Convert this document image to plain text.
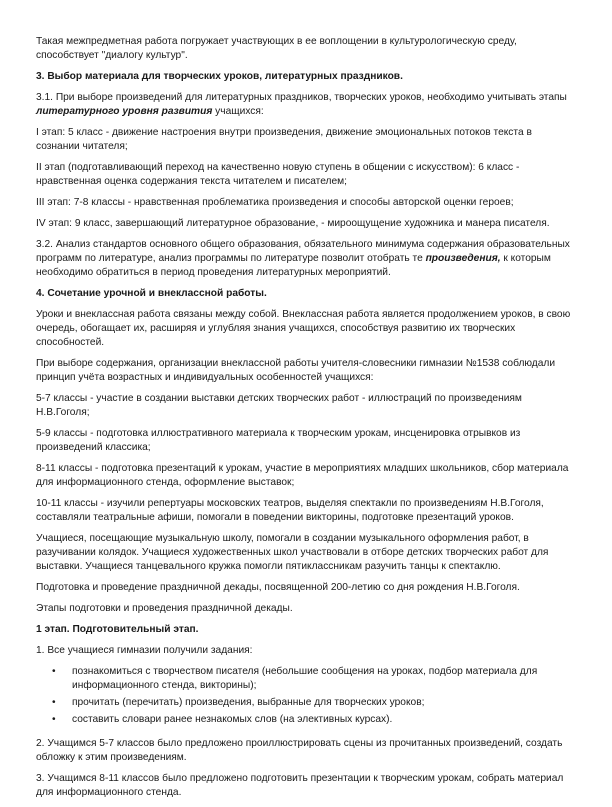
Такая межпредметная работа погружает участвующих в ее воплощении в культурологическую среду, способствует "диалогу культур".

3. Выбор материала для творческих уроков, литературных праздников.

3.1. При выборе произведений для литературных праздников, творческих уроков, необходимо учитывать этапы литературного уровня развития учащихся:

I этап: 5 класс - движение настроения внутри произведения, движение эмоциональных потоков текста в сознании читателя;

II этап (подготавливающий переход на качественно новую ступень в общении с искусством): 6 класс - нравственная оценка содержания текста читателем и писателем;

III этап: 7-8 классы - нравственная проблематика произведения и способы авторской оценки героев;

IV этап: 9 класс, завершающий литературное образование, - мироощущение художника и манера писателя.

3.2. Анализ стандартов основного общего образования, обязательного минимума содержания образовательных программ по литературе, анализ программы по литературе позволит отобрать те произведения, к которым необходимо обратиться в период проведения литературных мероприятий.

4. Сочетание урочной и внеклассной работы.

Уроки и внеклассная работа связаны между собой. Внеклассная работа является продолжением уроков, в свою очередь, обогащает их, расширяя и углубляя знания учащихся, способствуя развитию их творческих способностей.

При выборе содержания, организации внеклассной работы учителя-словесники гимназии №1538 соблюдали принцип учёта возрастных и индивидуальных особенностей учащихся:

5-7 классы - участие в создании выставки детских творческих работ - иллюстраций по произведениям Н.В.Гоголя;

5-9 классы - подготовка иллюстративного материала к творческим урокам, инсценировка отрывков из произведений классика;

8-11 классы - подготовка презентаций к урокам, участие в мероприятиях младших школьников, сбор материала для информационного стенда, оформление выставок;

10-11 классы - изучили репертуары московских театров, выделяя спектакли по произведениям Н.В.Гоголя, составляли театральные афиши, помогали в поведении викторины, подготовке презентаций уроков.

Учащиеся, посещающие музыкальную школу, помогали в создании музыкального оформления работ, в разучивании колядок. Учащиеся художественных школ участвовали в отборе детских творческих работ для выставки. Учащиеся танцевального кружка помогли пятиклассникам разучить танцы к спектаклю.

Подготовка и проведение праздничной декады, посвященной 200-летию со дня рождения Н.В.Гоголя.

Этапы подготовки и проведения праздничной декады.

1 этап. Подготовительный этап.

1. Все учащиеся гимназии получили задания:

• познакомиться с творчеством писателя (небольшие сообщения на уроках, подбор материала для информационного стенда, викторины);
• прочитать (перечитать) произведения, выбранные для творческих уроков;
• составить словари ранее незнакомых слов (на элективных курсах).

2. Учащимся 5-7 классов было предложено проиллюстрировать сцены из прочитанных произведений, создать обложку к этим произведениям.

3. Учащимся 8-11 классов было предложено подготовить презентации к творческим урокам, собрать материал для информационного стенда.
